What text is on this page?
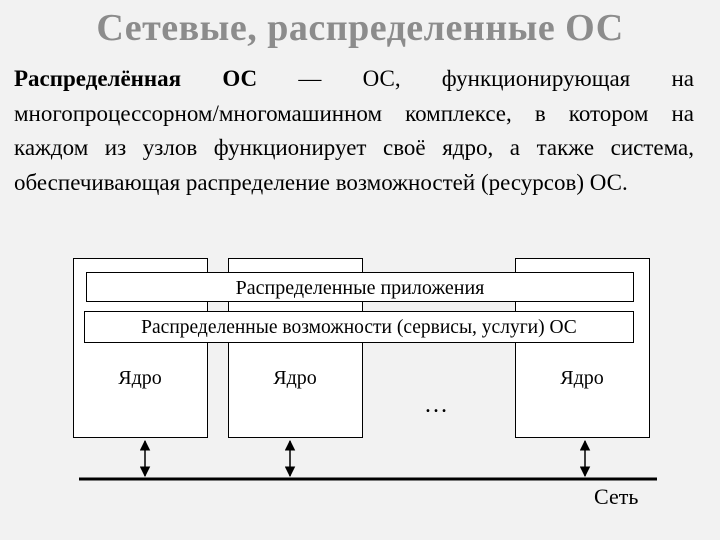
Сетевые, распределенные ОС
Распределённая ОС — ОС, функционирующая на многопроцессорном/многомашинном комплексе, в котором на каждом из узлов функционирует своё ядро, а также система, обеспечивающая распределение возможностей (ресурсов) ОС.
Распределенные приложения
Распределенные возможности (сервисы, услуги) ОС
Ядро	Ядро	Ядро
…
Сеть
